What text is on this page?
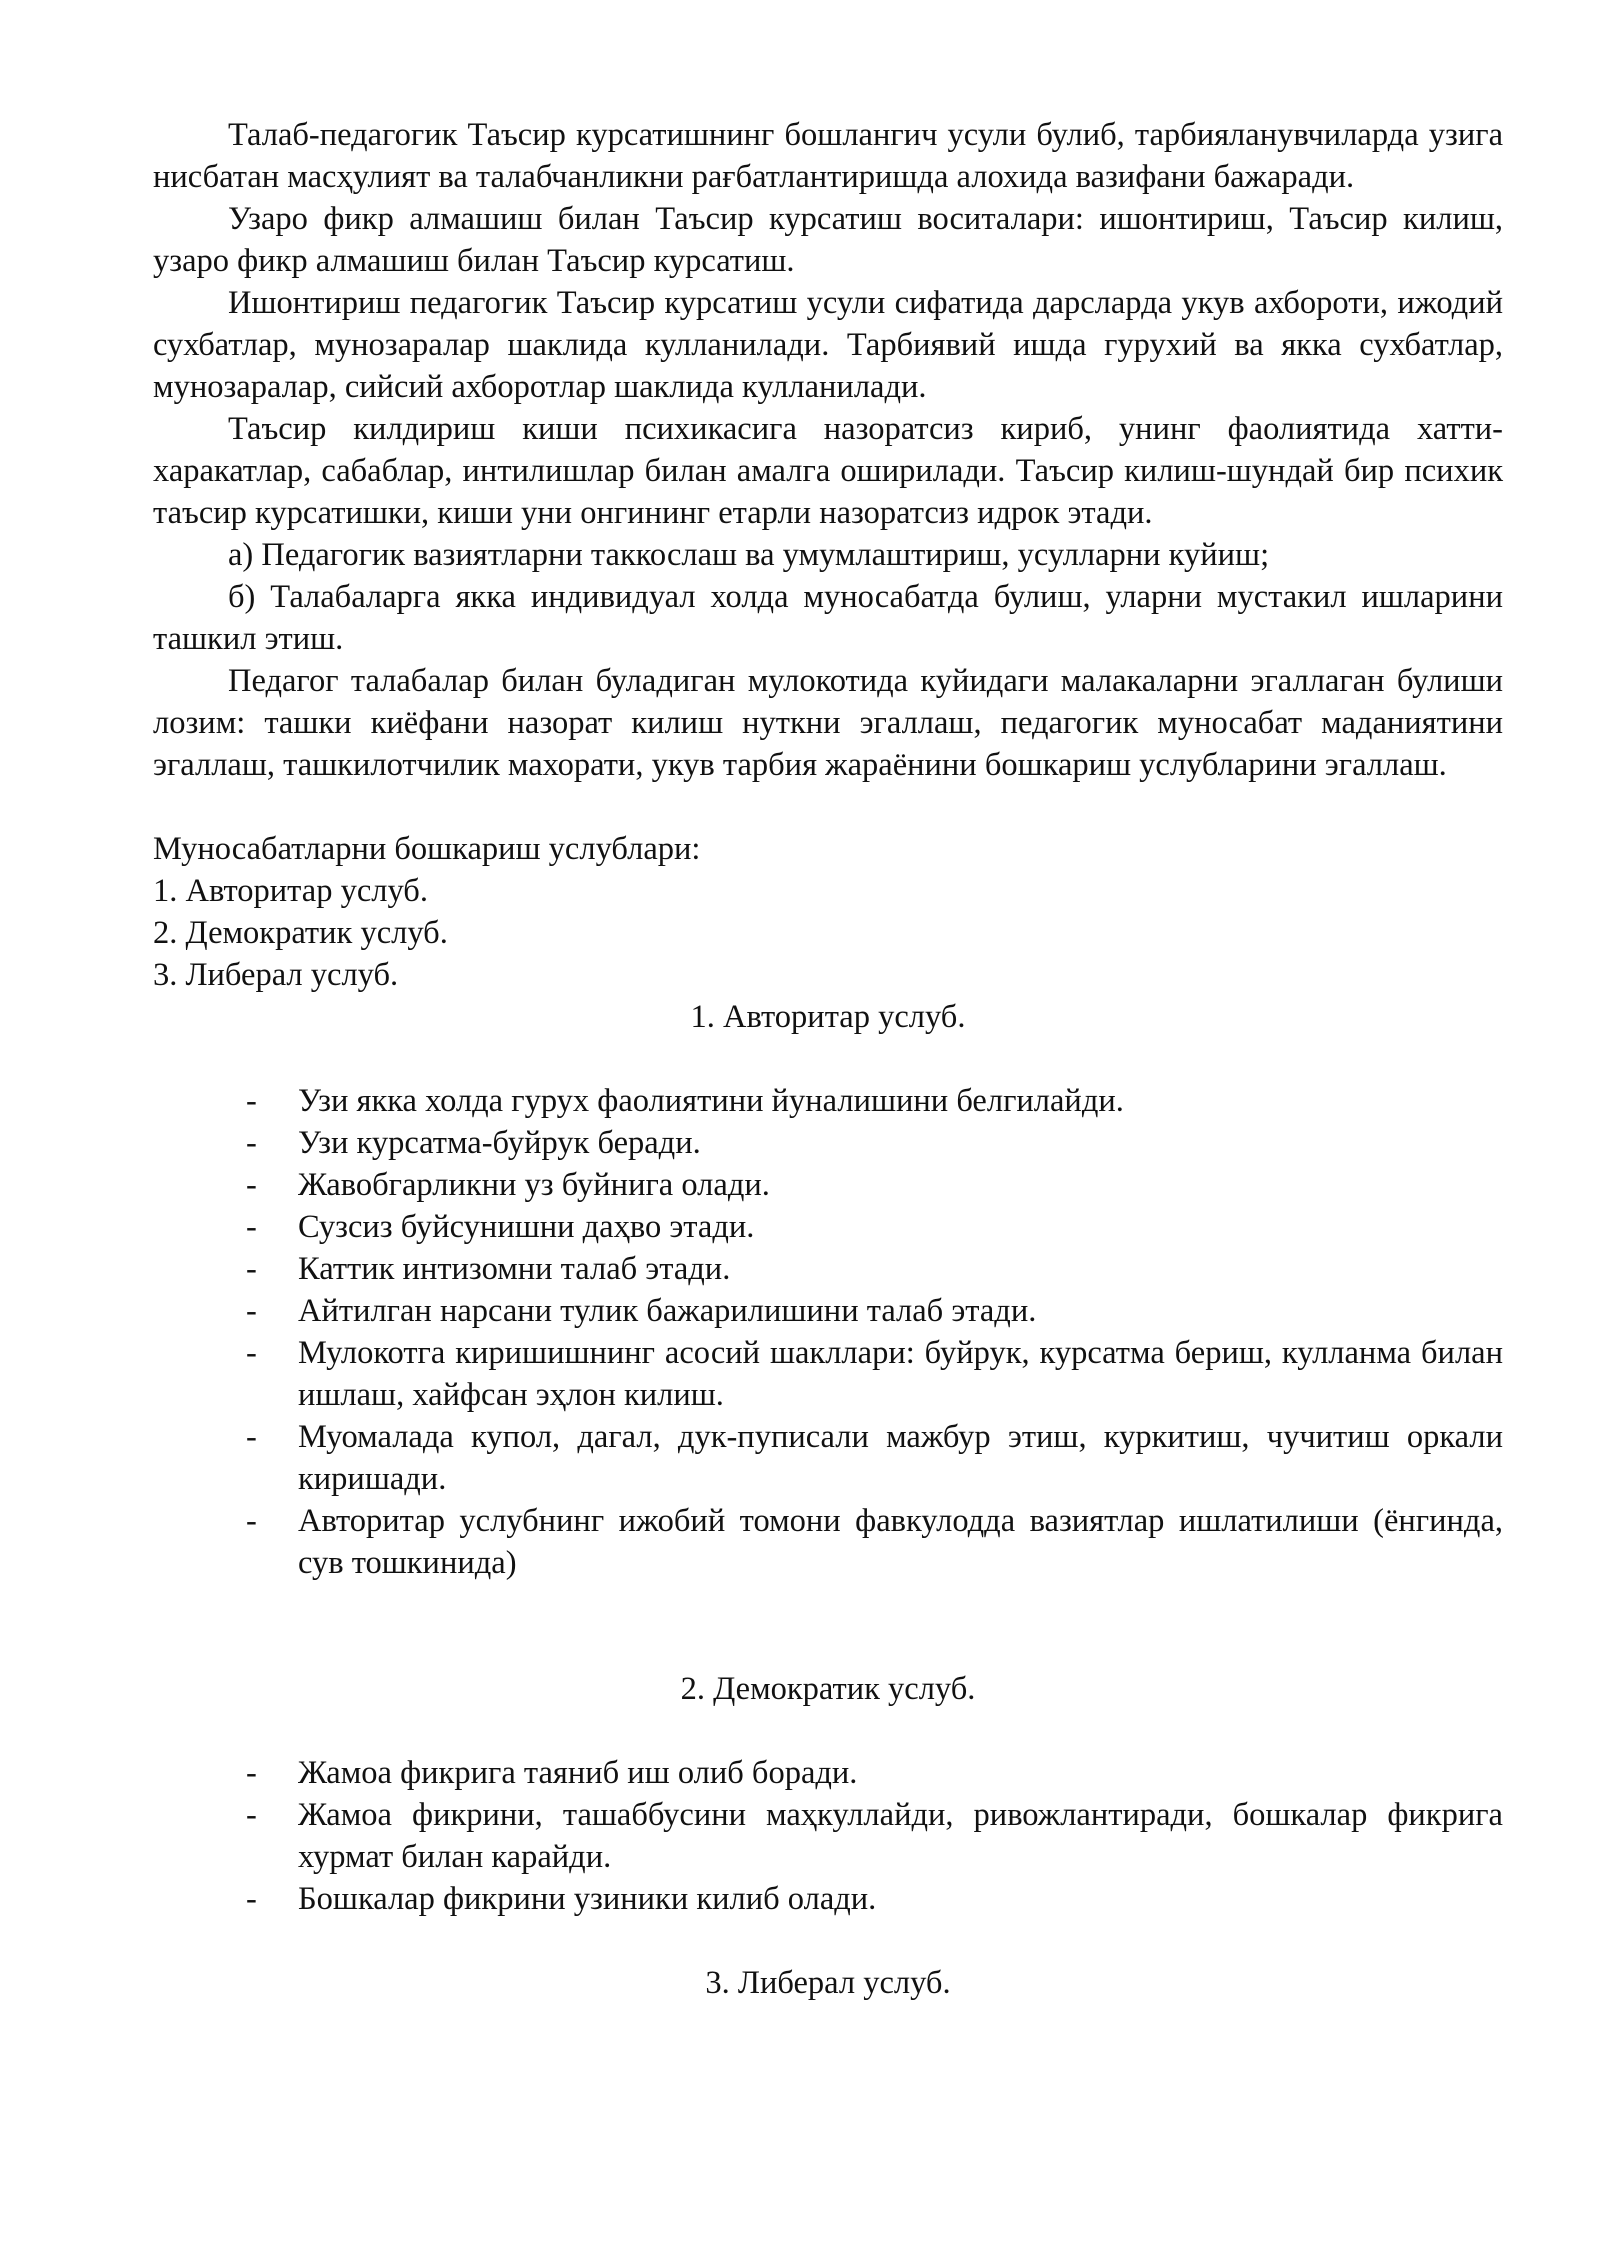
Талаб-педагогик Таъсир курсатишнинг бошлангич усули булиб, тарбияланувчиларда узига нисбатан масҳулият ва талабчанликни рағбатлантиришда алохида вазифани бажаради.

Узаро фикр алмашиш билан Таъсир курсатиш воситалари: ишонтириш, Таъсир килиш, узаро фикр алмашиш билан Таъсир курсатиш.

Ишонтириш педагогик Таъсир курсатиш усули сифатида дарсларда укув ахбороти, ижодий сухбатлар, мунозаралар шаклида кулланилади. Тарбиявий ишда гурухий ва якка сухбатлар, мунозаралар, сийсий ахборотлар шаклида кулланилади.

Таъсир килдириш киши психикасига назоратсиз кириб, унинг фаолиятида хатти-харакатлар, сабаблар, интилишлар билан амалга оширилади. Таъсир килиш-шундай бир психик таъсир курсатишки, киши уни онгининг етарли назоратсиз идрок этади.

а) Педагогик вазиятларни таккослаш ва умумлаштириш, усулларни куйиш;

б) Талабаларга якка индивидуал холда муносабатда булиш, уларни мустакил ишларини ташкил этиш.

Педагог талабалар билан буладиган мулокотида куйидаги малакаларни эгаллаган булиши лозим: ташки киёфани назорат килиш нуткни эгаллаш, педагогик муносабат маданиятини эгаллаш, ташкилотчилик махорати, укув тарбия жараёнини бошкариш услубларини эгаллаш.

Муносабатларни бошкариш услублари:

1. Авторитар услуб.

2. Демократик услуб.

3. Либерал услуб.

1. Авторитар услуб.

- Узи якка холда гурух фаолиятини йуналишини белгилайди.
- Узи курсатма-буйрук беради.
- Жавобгарликни уз буйнига олади.
- Сузсиз буйсунишни даҳво этади.
- Каттик интизомни талаб этади.
- Айтилган нарсани тулик бажарилишини талаб этади.
- Мулокотга киришишнинг асосий шакллари: буйрук, курсатма бериш, кулланма билан ишлаш, хайфсан эҳлон килиш.
- Муомалада купол, дагал, дук-пуписали мажбур этиш, куркитиш, чучитиш оркали киришади.
- Авторитар услубнинг ижобий томони фавкулодда вазиятлар ишлатилиши (ёнгинда, сув тошкинида)

2. Демократик услуб.

- Жамоа фикрига таяниб иш олиб боради.
- Жамоа фикрини, ташаббусини маҳкуллайди, ривожлантиради, бошкалар фикрига хурмат билан карайди.
- Бошкалар фикрини узиники килиб олади.

3. Либерал услуб.
